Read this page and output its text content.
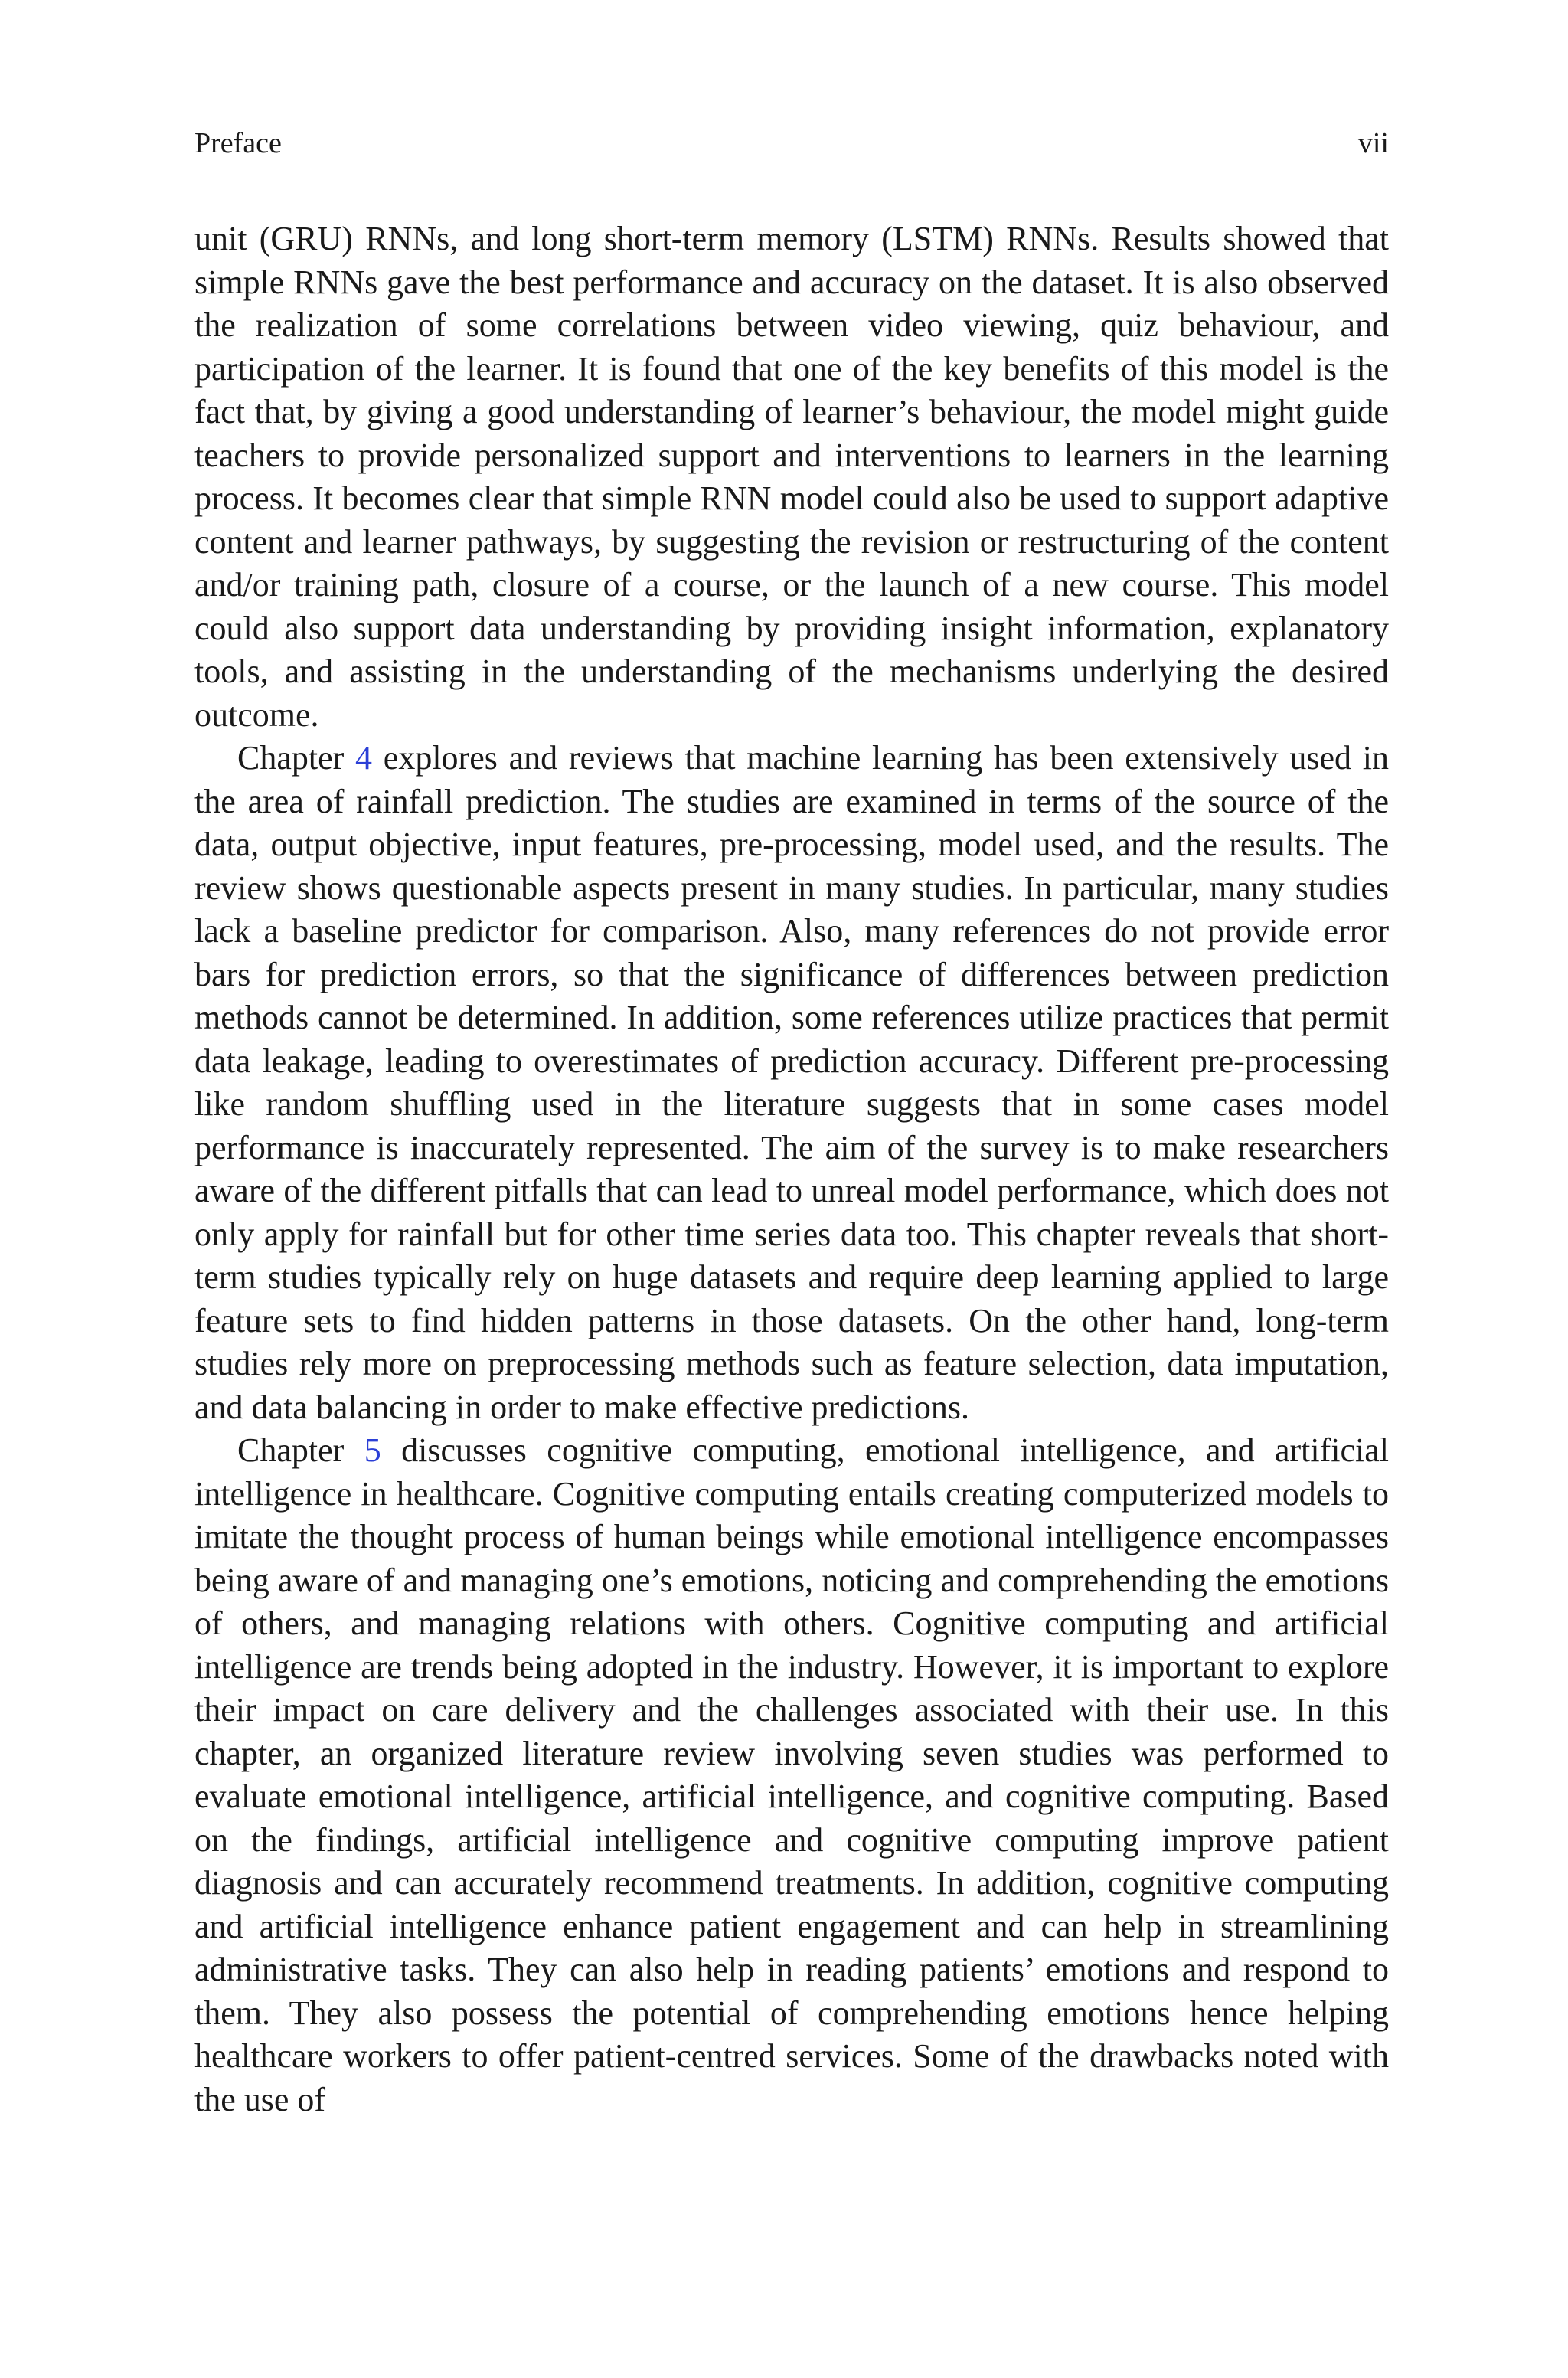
Preface	vii

unit (GRU) RNNs, and long short-term memory (LSTM) RNNs. Results showed that simple RNNs gave the best performance and accuracy on the dataset. It is also observed the realization of some correlations between video viewing, quiz behaviour, and participation of the learner. It is found that one of the key benefits of this model is the fact that, by giving a good understanding of learner’s behaviour, the model might guide teachers to provide personalized support and interventions to learners in the learning process. It becomes clear that simple RNN model could also be used to support adaptive content and learner pathways, by suggesting the revision or restructuring of the content and/or training path, closure of a course, or the launch of a new course. This model could also support data understanding by providing insight information, explanatory tools, and assisting in the understanding of the mechanisms underlying the desired outcome.

Chapter 4 explores and reviews that machine learning has been extensively used in the area of rainfall prediction. The studies are examined in terms of the source of the data, output objective, input features, pre-processing, model used, and the results. The review shows questionable aspects present in many studies. In particular, many studies lack a baseline predictor for comparison. Also, many references do not provide error bars for prediction errors, so that the significance of differences between prediction methods cannot be determined. In addition, some references utilize practices that permit data leakage, leading to overestimates of prediction accuracy. Different pre-processing like random shuffling used in the literature suggests that in some cases model performance is inaccurately represented. The aim of the survey is to make researchers aware of the different pitfalls that can lead to unreal model performance, which does not only apply for rainfall but for other time series data too. This chapter reveals that short-term studies typically rely on huge datasets and require deep learning applied to large feature sets to find hidden patterns in those datasets. On the other hand, long-term studies rely more on preprocessing methods such as feature selection, data imputation, and data balancing in order to make effective predictions.

Chapter 5 discusses cognitive computing, emotional intelligence, and artificial intelligence in healthcare. Cognitive computing entails creating computerized models to imitate the thought process of human beings while emotional intelligence encompasses being aware of and managing one’s emotions, noticing and comprehending the emotions of others, and managing relations with others. Cognitive computing and artificial intelligence are trends being adopted in the industry. However, it is important to explore their impact on care delivery and the challenges associated with their use. In this chapter, an organized literature review involving seven studies was performed to evaluate emotional intelligence, artificial intelligence, and cognitive computing. Based on the findings, artificial intelligence and cognitive computing improve patient diagnosis and can accurately recommend treatments. In addition, cognitive computing and artificial intelligence enhance patient engagement and can help in streamlining administrative tasks. They can also help in reading patients’ emotions and respond to them. They also possess the potential of comprehending emotions hence helping healthcare workers to offer patient-centred services. Some of the drawbacks noted with the use of
